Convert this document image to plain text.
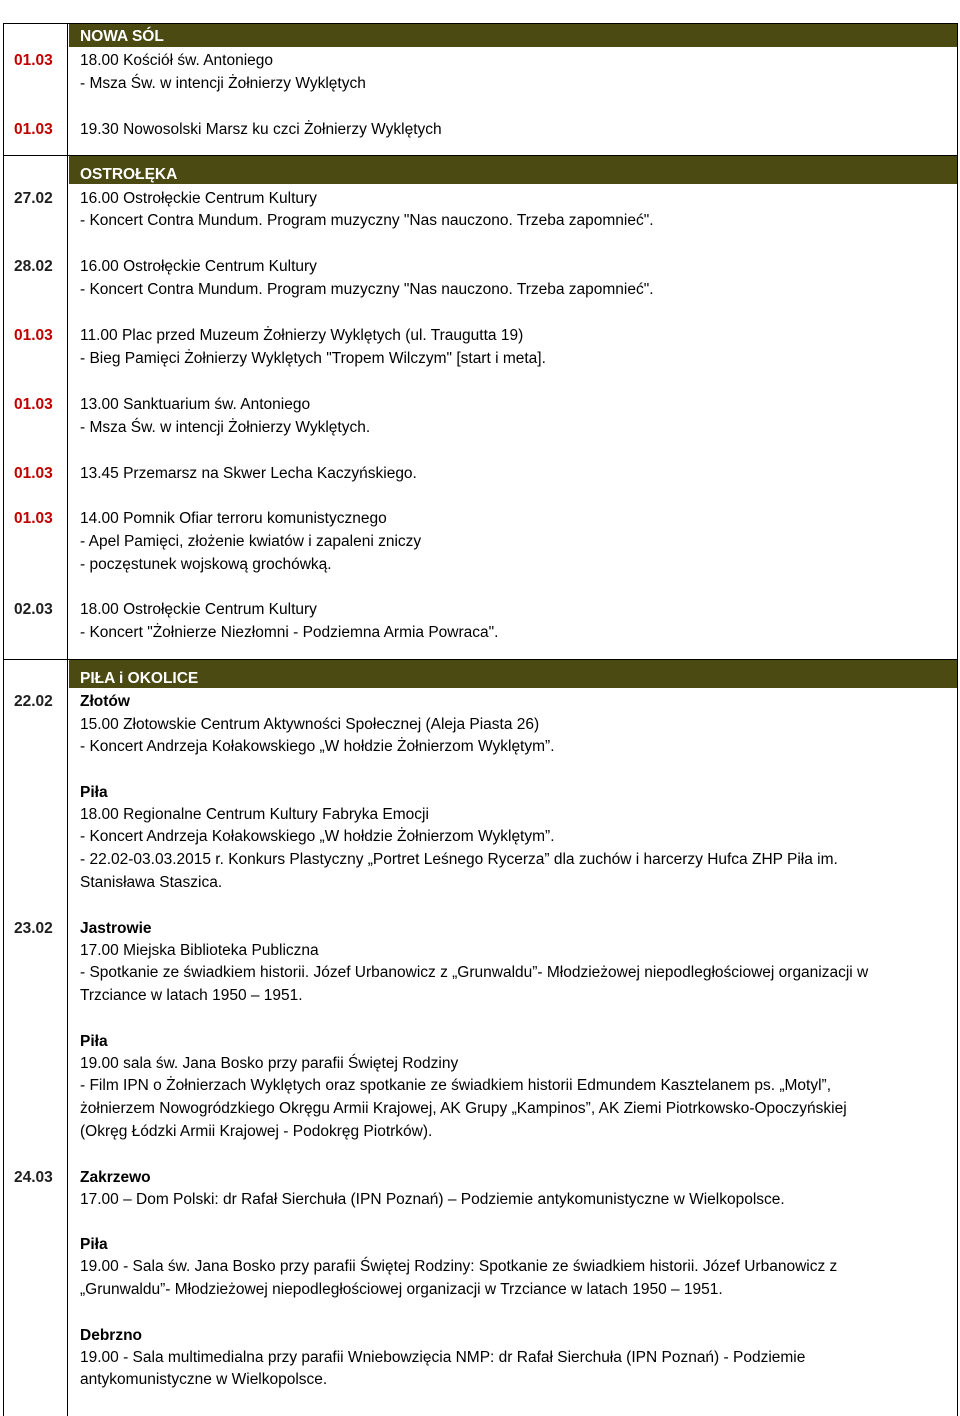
NOWA SÓL
01.03 18.00 Kościół św. Antoniego
- Msza Św. w intencji Żołnierzy Wyklętych
01.03 19.30 Nowosolski Marsz ku czci Żołnierzy Wyklętych
OSTROŁĘKA
27.02 16.00 Ostrołęckie Centrum Kultury
- Koncert Contra Mundum. Program muzyczny "Nas nauczono. Trzeba zapomnieć".
28.02 16.00 Ostrołęckie Centrum Kultury
- Koncert Contra Mundum. Program muzyczny "Nas nauczono. Trzeba zapomnieć".
01.03 11.00 Plac przed Muzeum Żołnierzy Wyklętych (ul. Traugutta 19)
- Bieg Pamięci Żołnierzy Wyklętych "Tropem Wilczym" [start i meta].
01.03 13.00 Sanktuarium św. Antoniego
- Msza Św. w intencji Żołnierzy Wyklętych.
01.03 13.45 Przemarsz na Skwer Lecha Kaczyńskiego.
01.03 14.00 Pomnik Ofiar terroru komunistycznego
- Apel Pamięci, złożenie kwiatów i zapaleni zniczy
- poczęstunek wojskową grochówką.
02.03 18.00 Ostrołęckie Centrum Kultury
- Koncert "Żołnierze Niezłomni - Podziemna Armia Powraca".
PIŁA i OKOLICE
22.02 Złotów
15.00 Złotowskie Centrum Aktywności Społecznej (Aleja Piasta 26)
- Koncert Andrzeja Kołakowskiego „W hołdzie Żołnierzom Wyklętym”.
Piła
18.00 Regionalne Centrum Kultury Fabryka Emocji
- Koncert Andrzeja Kołakowskiego „W hołdzie Żołnierzom Wyklętym”.
- 22.02-03.03.2015 r. Konkurs Plastyczny „Portret Leśnego Rycerza” dla zuchów i harcerzy Hufca ZHP Piła im.
Stanisława Staszica.
23.02 Jastrowie
17.00 Miejska Biblioteka Publiczna
- Spotkanie ze świadkiem historii. Józef Urbanowicz z „Grunwaldu”- Młodzieżowej niepodległościowej organizacji w
Trzciance w latach 1950 – 1951.
Piła
19.00 sala św. Jana Bosko przy parafii Świętej Rodziny
- Film IPN o Żołnierzach Wyklętych oraz spotkanie ze świadkiem historii Edmundem Kasztelanem ps. „Motyl”,
żołnierzem Nowogródzkiego Okręgu Armii Krajowej, AK Grupy „Kampinos”, AK Ziemi Piotrkowsko-Opoczyńskiej
(Okręg Łódzki Armii Krajowej - Podokręg Piotrków).
24.03 Zakrzewo
17.00 – Dom Polski: dr Rafał Sierchuła (IPN Poznań) – Podziemie antykomunistyczne w Wielkopolsce.
Piła
19.00 - Sala św. Jana Bosko przy parafii Świętej Rodziny: Spotkanie ze świadkiem historii. Józef Urbanowicz z
„Grunwaldu”- Młodzieżowej niepodległościowej organizacji w Trzciance w latach 1950 – 1951.
Debrzno
19.00 - Sala multimedialna przy parafii Wniebowzięcia NMP: dr Rafał Sierchuła (IPN Poznań) - Podziemie
antykomunistyczne w Wielkopolsce.
